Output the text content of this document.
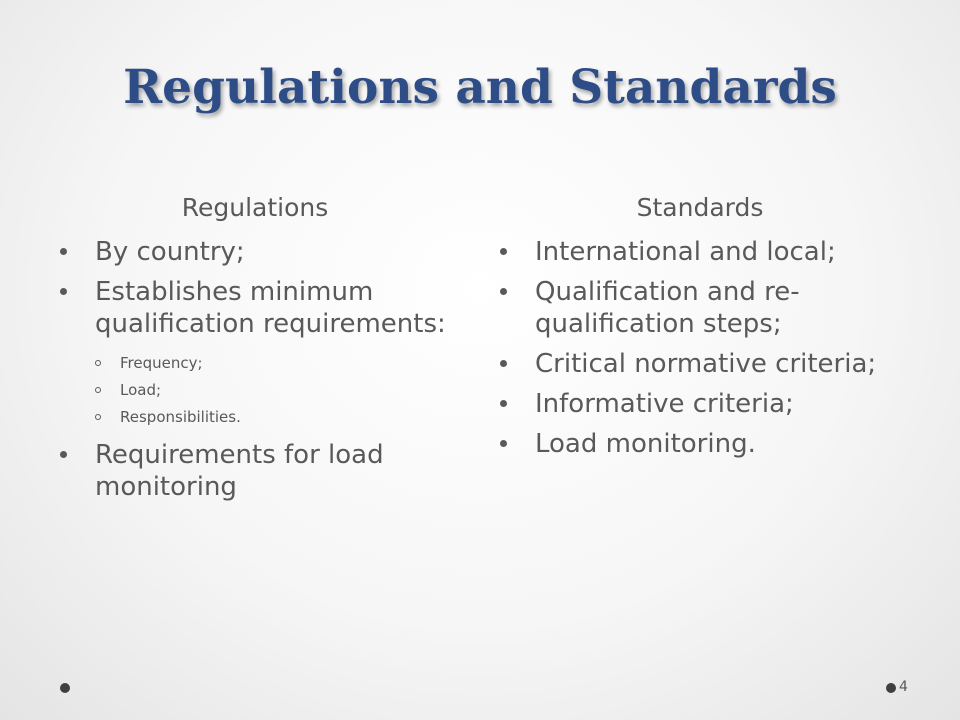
Regulations and Standards
Regulations
By country;
Establishes minimum qualification requirements:
Frequency;
Load;
Responsibilities.
Requirements for load monitoring
Standards
International and local;
Qualification and re-qualification steps;
Critical normative criteria;
Informative criteria;
Load monitoring.
4
